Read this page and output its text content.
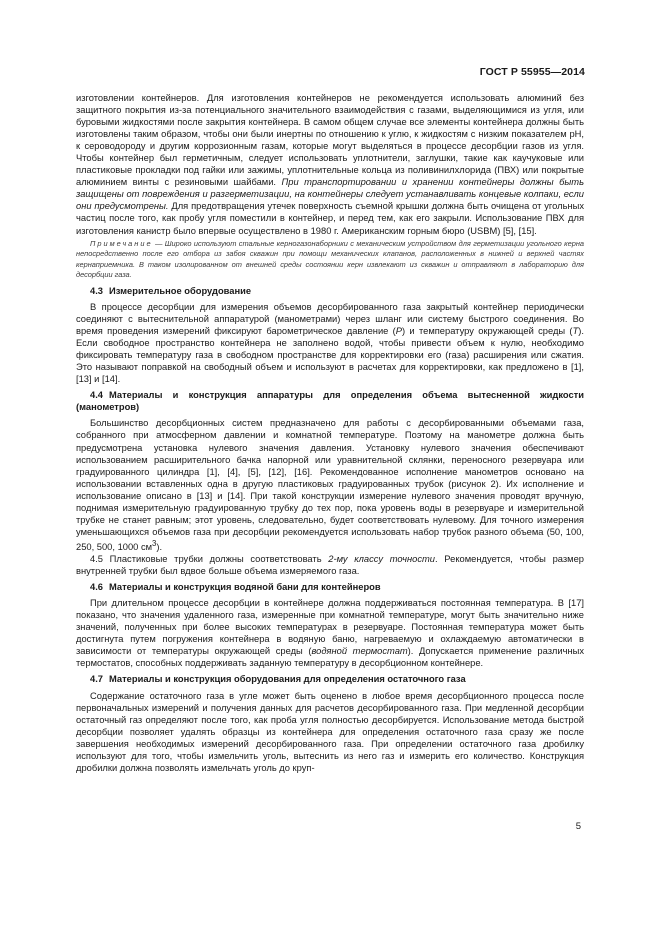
ГОСТ Р 55955—2014

изготовлении контейнеров. Для изготовления контейнеров не рекомендуется использовать алюминий без защитного покрытия из-за потенциального значительного взаимодействия с газами, выделяющимися из угля, или буровыми жидкостями после закрытия контейнера. В самом общем случае все элементы контейнера должны быть изготовлены таким образом, чтобы они были инертны по отношению к углю, к жидкостям с низким показателем рН, к сероводороду и другим коррозионным газам, которые могут выделяться в процессе десорбции газов из угля. Чтобы контейнер был герметичным, следует использовать уплотнители, заглушки, такие как каучуковые или пластиковые прокладки под гайки или зажимы, уплотнительные кольца из поливинилхлорида (ПВХ) или покрытые алюминием винты с резиновыми шайбами. При транспортировании и хранении контейнеры должны быть защищены от повреждения и разгерметизации, на контейнеры следует устанавливать концевые колпаки, если они предусмотрены. Для предотвращения утечек поверхность съемной крышки должна быть очищена от угольных частиц после того, как пробу угля поместили в контейнер, и перед тем, как его закрыли. Использование ПВХ для изготовления канистр было впервые осуществлено в 1980 г. Американским горным бюро (USBM) [5], [15].

Примечание — Широко используют стальные керногазонаборники с механическим устройством для герметизации угольного керна непосредственно после его отбора из забоя скважин при помощи механических клапанов, расположенных в нижней и верхней частях кернаприемника. В таком изолированном от внешней среды состоянии керн извлекают из скважин и отправляют в лабораторию для десорбции газа.

4.3 Измерительное оборудование

В процессе десорбции для измерения объемов десорбированного газа закрытый контейнер периодически соединяют с вытеснительной аппаратурой (манометрами) через шланг или систему быстрого соединения. Во время проведения измерений фиксируют барометрическое давление (P) и температуру окружающей среды (T). Если свободное пространство контейнера не заполнено водой, чтобы привести объем к нулю, необходимо фиксировать температуру газа в свободном пространстве для корректировки его (газа) расширения или сжатия. Это называют поправкой на свободный объем и используют в расчетах для корректировки, как предложено в [1], [13] и [14].

4.4 Материалы и конструкция аппаратуры для определения объема вытесненной жидкости (манометров)

Большинство десорбционных систем предназначено для работы с десорбированными объемами газа, собранного при атмосферном давлении и комнатной температуре. Поэтому на манометре должна быть предусмотрена установка нулевого значения давления. Установку нулевого значения обеспечивают использованием расширительного бачка напорной или уравнительной склянки, переносного резервуара или градуированного цилиндра [1], [4], [5], [12], [16]. Рекомендованное исполнение манометров основано на использовании вставленных одна в другую пластиковых градуированных трубок (рисунок 2). Их исполнение и использование описано в [13] и [14]. При такой конструкции измерение нулевого значения проводят вручную, поднимая измерительную градуированную трубку до тех пор, пока уровень воды в резервуаре и измерительной трубке не станет равным; этот уровень, следовательно, будет соответствовать нулевому. Для точного измерения уменьшающихся объемов газа при десорбции рекомендуется использовать набор трубок разного объема (50, 100, 250, 500, 1000 $см^3$).

4.5 Пластиковые трубки должны соответствовать 2-му классу точности. Рекомендуется, чтобы размер внутренней трубки был вдвое больше объема измеряемого газа.

4.6 Материалы и конструкция водяной бани для контейнеров

При длительном процессе десорбции в контейнере должна поддерживаться постоянная температура. В [17] показано, что значения удаленного газа, измеренные при комнатной температуре, могут быть значительно ниже значений, полученных при более высоких температурах в резервуаре. Постоянная температура может быть достигнута путем погружения контейнера в водяную баню, нагреваемую и охлаждаемую автоматически в зависимости от температуры окружающей среды (водяной термостат). Допускается применение различных термостатов, способных поддерживать заданную температуру в десорбционном контейнере.

4.7 Материалы и конструкция оборудования для определения остаточного газа

Содержание остаточного газа в угле может быть оценено в любое время десорбционного процесса после первоначальных измерений и получения данных для расчетов десорбированного газа. При медленной десорбции остаточный газ определяют после того, как проба угля полностью десорбируется. Использование метода быстрой десорбции позволяет удалять образцы из контейнера для определения остаточного газа сразу же после завершения необходимых измерений десорбированного газа. При определении остаточного газа дробилку используют для того, чтобы измельчить уголь, вытеснить из него газ и измерить его количество. Конструкция дробилки должна позволять измельчать уголь до круп-

5
